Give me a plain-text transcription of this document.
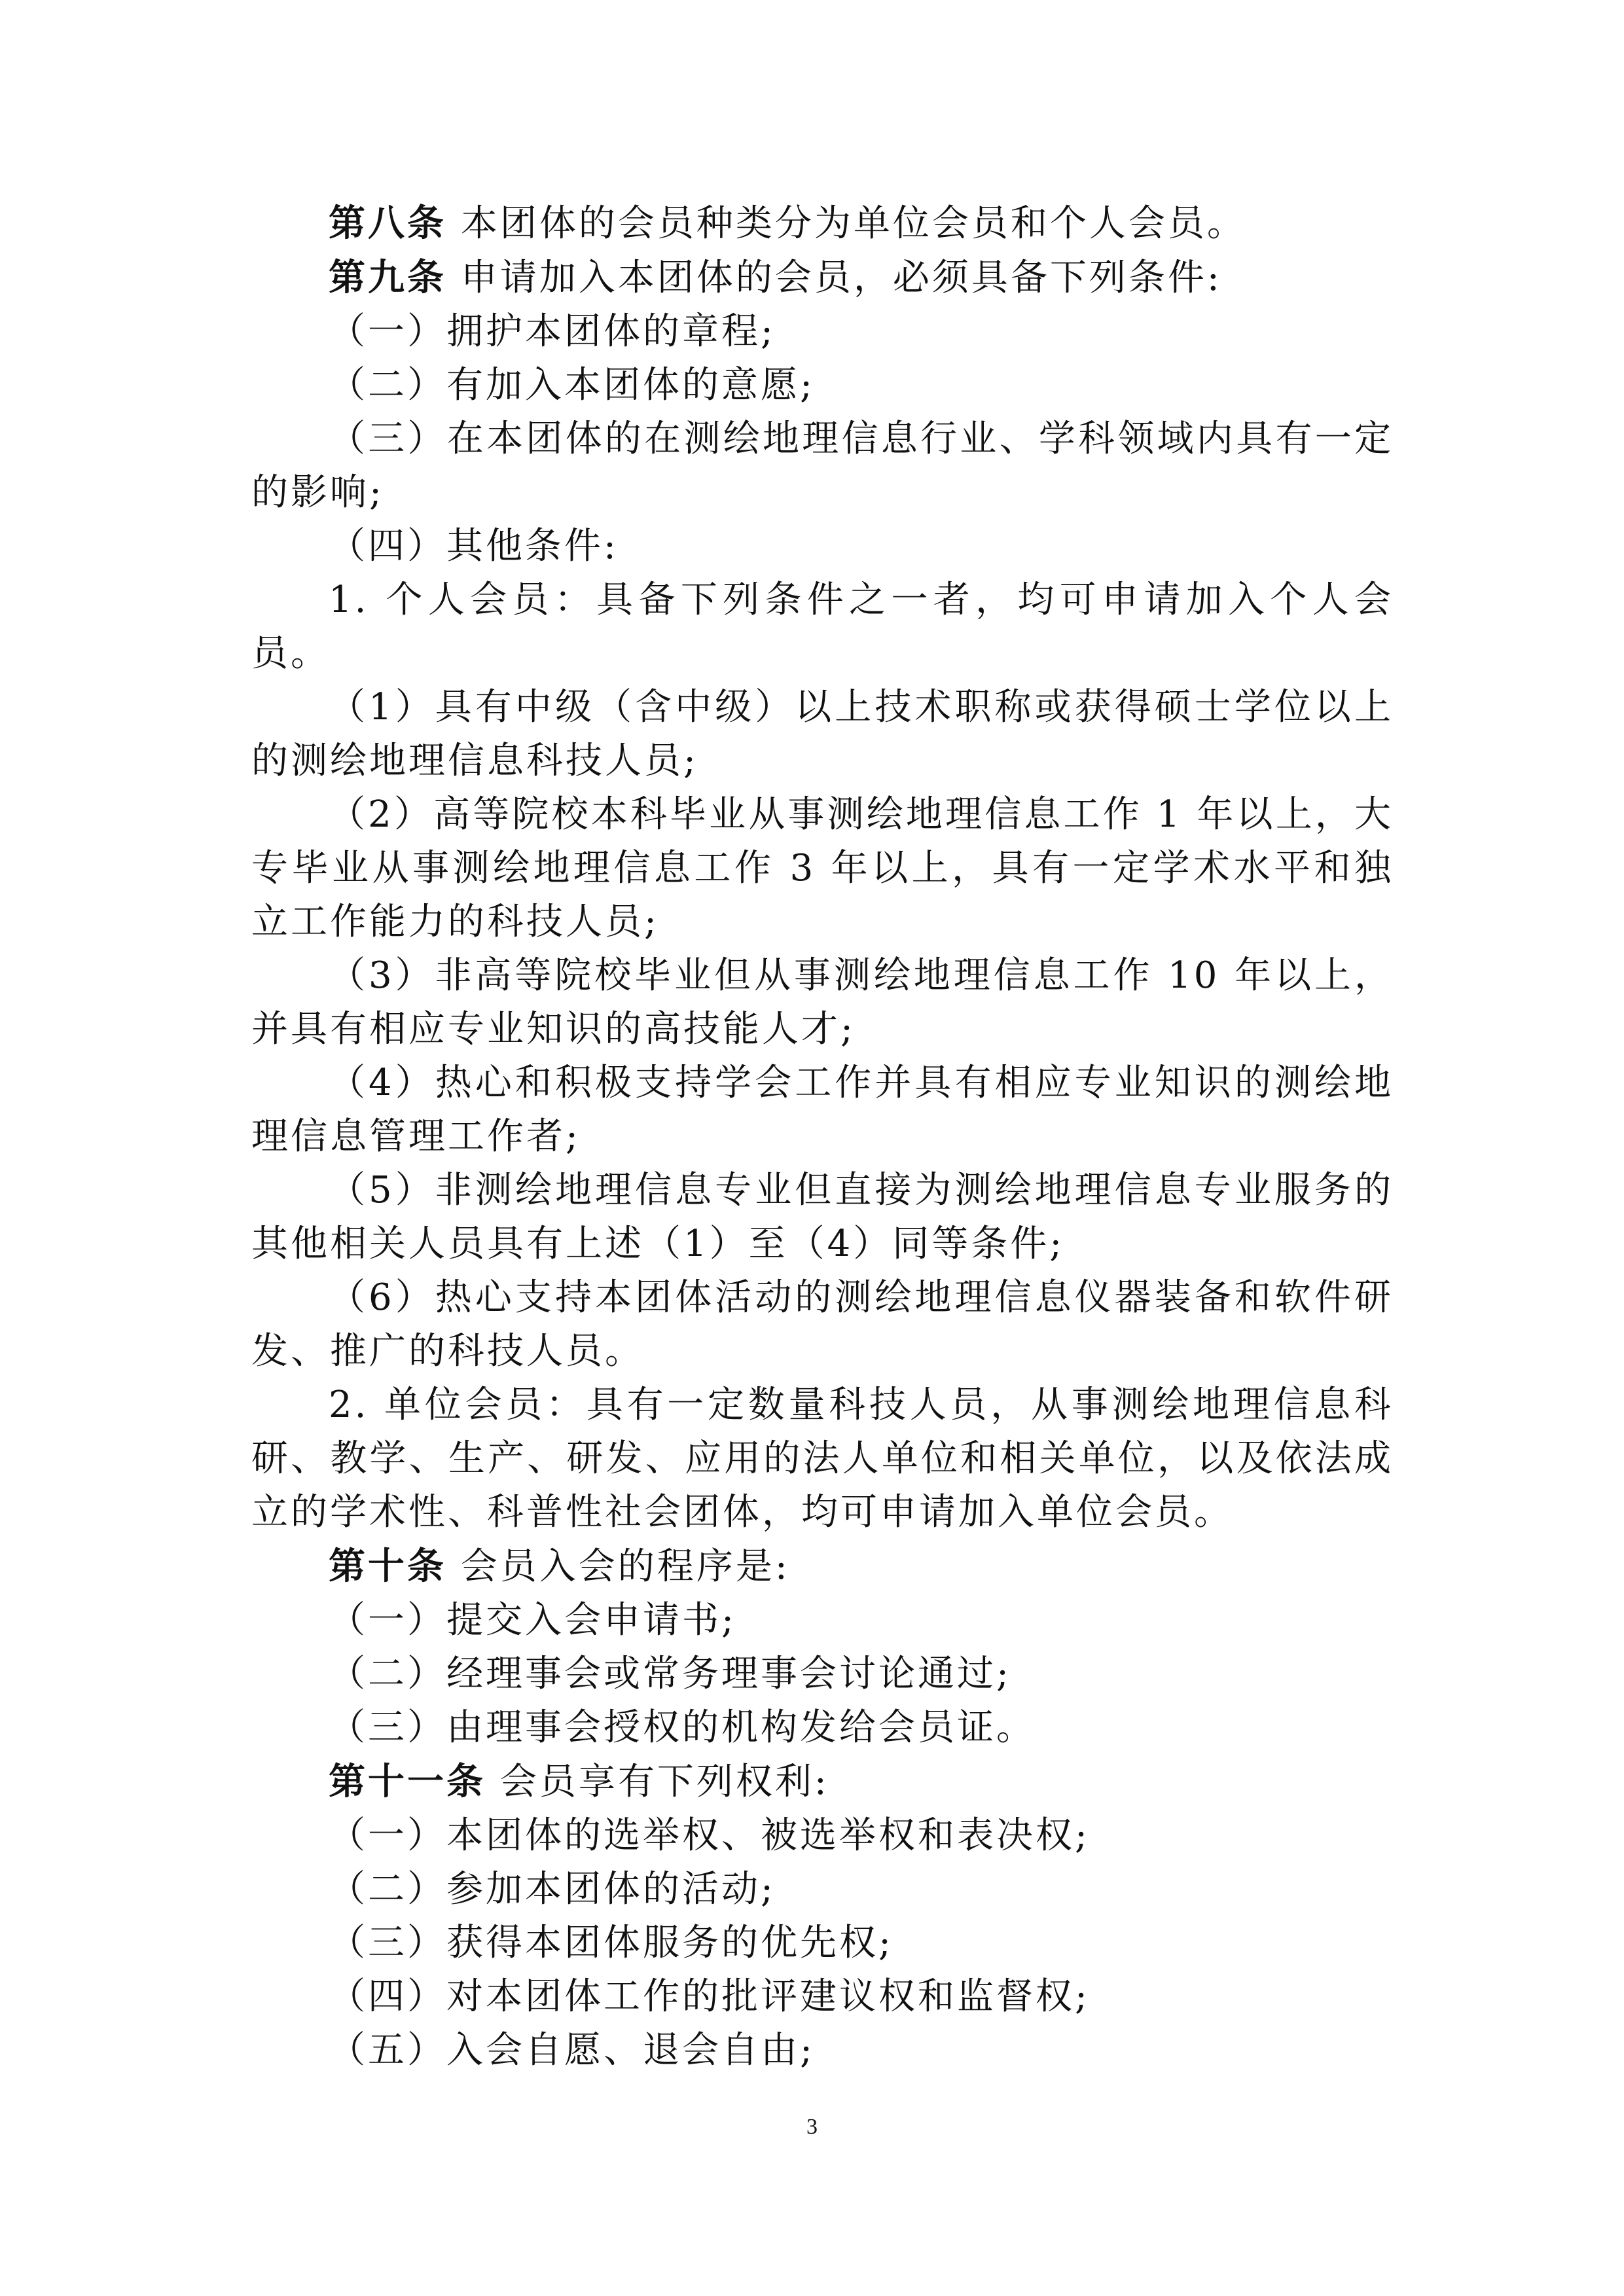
第八条 本团体的会员种类分为单位会员和个人会员。

第九条 申请加入本团体的会员，必须具备下列条件:

（一）拥护本团体的章程;

（二）有加入本团体的意愿;

（三）在本团体的在测绘地理信息行业、学科领域内具有一定的影响;

（四）其他条件:

1. 个人会员：具备下列条件之一者，均可申请加入个人会员。

（1）具有中级（含中级）以上技术职称或获得硕士学位以上的测绘地理信息科技人员;

（2）高等院校本科毕业从事测绘地理信息工作 1 年以上，大专毕业从事测绘地理信息工作 3 年以上，具有一定学术水平和独立工作能力的科技人员;

（3）非高等院校毕业但从事测绘地理信息工作 10 年以上，并具有相应专业知识的高技能人才;

（4）热心和积极支持学会工作并具有相应专业知识的测绘地理信息管理工作者;

（5）非测绘地理信息专业但直接为测绘地理信息专业服务的其他相关人员具有上述（1）至（4）同等条件;

（6）热心支持本团体活动的测绘地理信息仪器装备和软件研发、推广的科技人员。

2. 单位会员：具有一定数量科技人员，从事测绘地理信息科研、教学、生产、研发、应用的法人单位和相关单位，以及依法成立的学术性、科普性社会团体，均可申请加入单位会员。

第十条 会员入会的程序是:

（一）提交入会申请书;

（二）经理事会或常务理事会讨论通过;

（三）由理事会授权的机构发给会员证。

第十一条 会员享有下列权利:

（一）本团体的选举权、被选举权和表决权;

（二）参加本团体的活动;

（三）获得本团体服务的优先权;

（四）对本团体工作的批评建议权和监督权;

（五）入会自愿、退会自由;

3
